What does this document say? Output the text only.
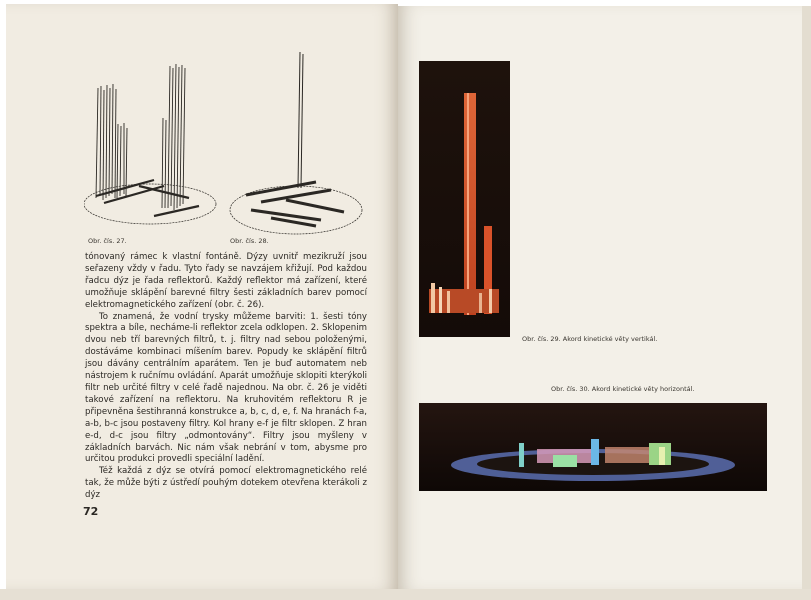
Obr. čís. 27.	Obr. čís. 28.

tónovaný rámec k vlastní fontáně. Dýzy uvnitř mezikruží jsou seřazeny vždy v řadu. Tyto řady se navzájem křižují. Pod každou řadcu dýz je řada reflektorů. Každý reflektor má zařízení, které umožňuje sklápění barevné filtry šesti základních barev pomocí elektromagnetického zařízení (obr. č. 26).

To znamená, že vodní trysky můžeme barviti: 1. šesti tóny spektra a bíle, necháme-li reflektor zcela odklopen. 2. Sklopenim dvou neb tří barevných filtrů, t. j. filtry nad sebou položenými, dostáváme kombinaci míšením barev. Popudy ke sklápění filtrů jsou dávány centrálním aparátem. Ten je buď automatem neb nástrojem k ručnímu ovládání. Aparát umožňuje sklopiti kterýkoli filtr neb určité filtry v celé řadě najednou. Na obr. č. 26 je viděti takové zařízení na reflektoru. Na kruhovitém reflektoru R je připevněna šestihranná konstrukce a, b, c, d, e, f. Na hranách f-a, a-b, b-c jsou postaveny filtry. Kol hrany e-f je filtr sklopen. Z hran e-d, d-c jsou filtry „odmontovány“. Filtry jsou myšleny v základních barvách. Nic nám však nebrání v tom, abysme pro určitou produkci provedli speciální ladění.

Též každá z dýz se otvírá pomocí elektromagnetického relé tak, že může býti z ústředí pouhým dotekem otevřena kterákoli z dýz

72
Obr. čís. 29. Akord kinetické věty vertikál.
Obr. čís. 30. Akord kinetické věty horizontál.
